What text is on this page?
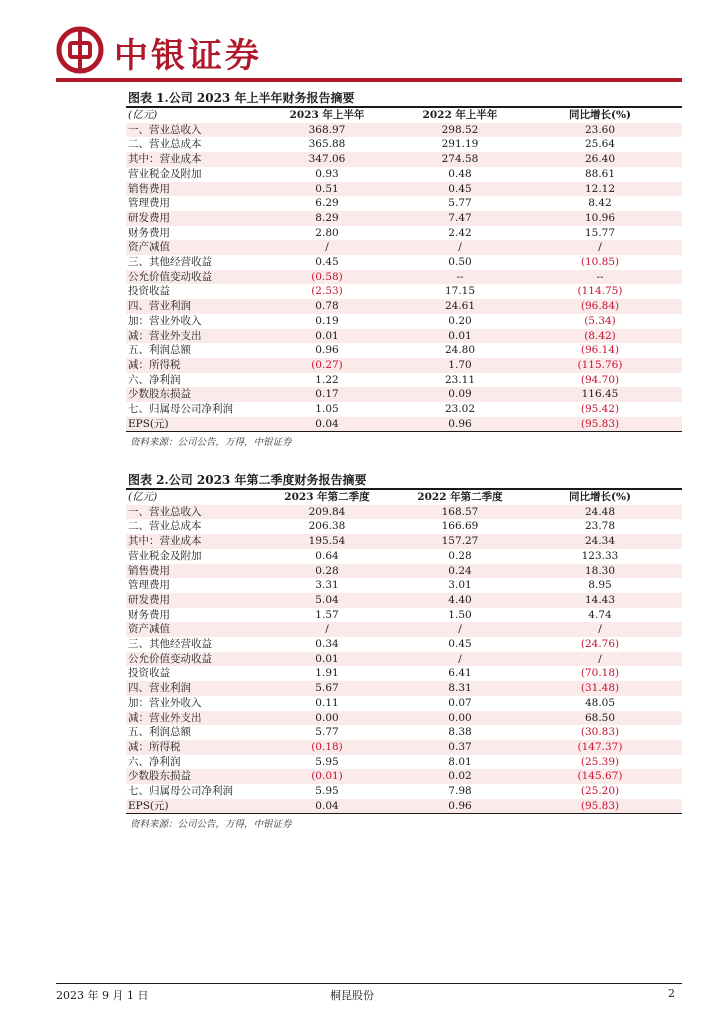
中银证券
图表 1.公司 2023 年上半年财务报告摘要
(亿元)	2023 年上半年	2022 年上半年	同比增长(%)
一、营业总收入	368.97	298.52	23.60
二、营业总成本	365.88	291.19	25.64
其中：营业成本	347.06	274.58	26.40
营业税金及附加	0.93	0.48	88.61
销售费用	0.51	0.45	12.12
管理费用	6.29	5.77	8.42
研发费用	8.29	7.47	10.96
财务费用	2.80	2.42	15.77
资产减值	/	/	/
三、其他经营收益	0.45	0.50	(10.85)
公允价值变动收益	(0.58)	--	--
投资收益	(2.53)	17.15	(114.75)
四、营业利润	0.78	24.61	(96.84)
加：营业外收入	0.19	0.20	(5.34)
减：营业外支出	0.01	0.01	(8.42)
五、利润总额	0.96	24.80	(96.14)
减：所得税	(0.27)	1.70	(115.76)
六、净利润	1.22	23.11	(94.70)
少数股东损益	0.17	0.09	116.45
七、归属母公司净利润	1.05	23.02	(95.42)
EPS(元)	0.04	0.96	(95.83)
资料来源：公司公告，万得，中银证券
图表 2.公司 2023 年第二季度财务报告摘要
(亿元)	2023 年第二季度	2022 年第二季度	同比增长(%)
一、营业总收入	209.84	168.57	24.48
二、营业总成本	206.38	166.69	23.78
其中：营业成本	195.54	157.27	24.34
营业税金及附加	0.64	0.28	123.33
销售费用	0.28	0.24	18.30
管理费用	3.31	3.01	8.95
研发费用	5.04	4.40	14.43
财务费用	1.57	1.50	4.74
资产减值	/	/	/
三、其他经营收益	0.34	0.45	(24.76)
公允价值变动收益	0.01	/	/
投资收益	1.91	6.41	(70.18)
四、营业利润	5.67	8.31	(31.48)
加：营业外收入	0.11	0.07	48.05
减：营业外支出	0.00	0.00	68.50
五、利润总额	5.77	8.38	(30.83)
减：所得税	(0.18)	0.37	(147.37)
六、净利润	5.95	8.01	(25.39)
少数股东损益	(0.01)	0.02	(145.67)
七、归属母公司净利润	5.95	7.98	(25.20)
EPS(元)	0.04	0.96	(95.83)
资料来源：公司公告，万得，中银证券
2023 年 9 月 1 日	桐昆股份	2
